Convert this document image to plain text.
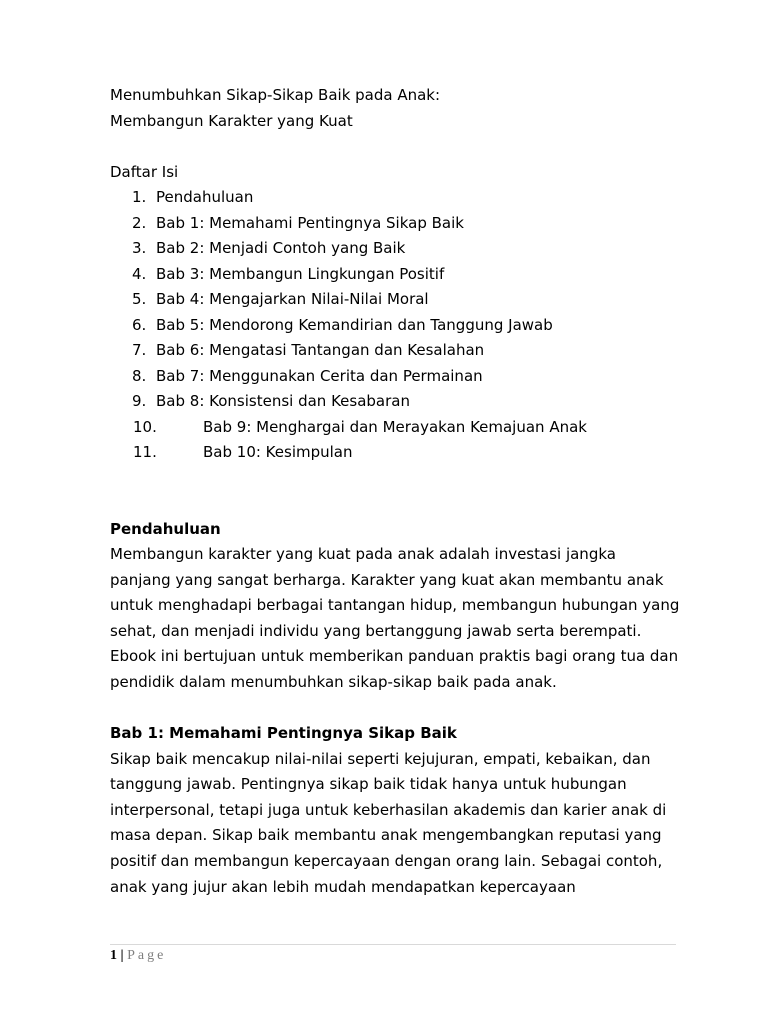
Menumbuhkan Sikap-Sikap Baik pada Anak:
Membangun Karakter yang Kuat
Daftar Isi
1. Pendahuluan
2. Bab 1: Memahami Pentingnya Sikap Baik
3. Bab 2: Menjadi Contoh yang Baik
4. Bab 3: Membangun Lingkungan Positif
5. Bab 4: Mengajarkan Nilai-Nilai Moral
6. Bab 5: Mendorong Kemandirian dan Tanggung Jawab
7. Bab 6: Mengatasi Tantangan dan Kesalahan
8. Bab 7: Menggunakan Cerita dan Permainan
9. Bab 8: Konsistensi dan Kesabaran
10.	Bab 9: Menghargai dan Merayakan Kemajuan Anak
11.	Bab 10: Kesimpulan
Pendahuluan
Membangun karakter yang kuat pada anak adalah investasi jangka panjang yang sangat berharga. Karakter yang kuat akan membantu anak untuk menghadapi berbagai tantangan hidup, membangun hubungan yang sehat, dan menjadi individu yang bertanggung jawab serta berempati. Ebook ini bertujuan untuk memberikan panduan praktis bagi orang tua dan pendidik dalam menumbuhkan sikap-sikap baik pada anak.
Bab 1: Memahami Pentingnya Sikap Baik
Sikap baik mencakup nilai-nilai seperti kejujuran, empati, kebaikan, dan tanggung jawab. Pentingnya sikap baik tidak hanya untuk hubungan interpersonal, tetapi juga untuk keberhasilan akademis dan karier anak di masa depan. Sikap baik membantu anak mengembangkan reputasi yang positif dan membangun kepercayaan dengan orang lain. Sebagai contoh, anak yang jujur akan lebih mudah mendapatkan kepercayaan
1 | Page
